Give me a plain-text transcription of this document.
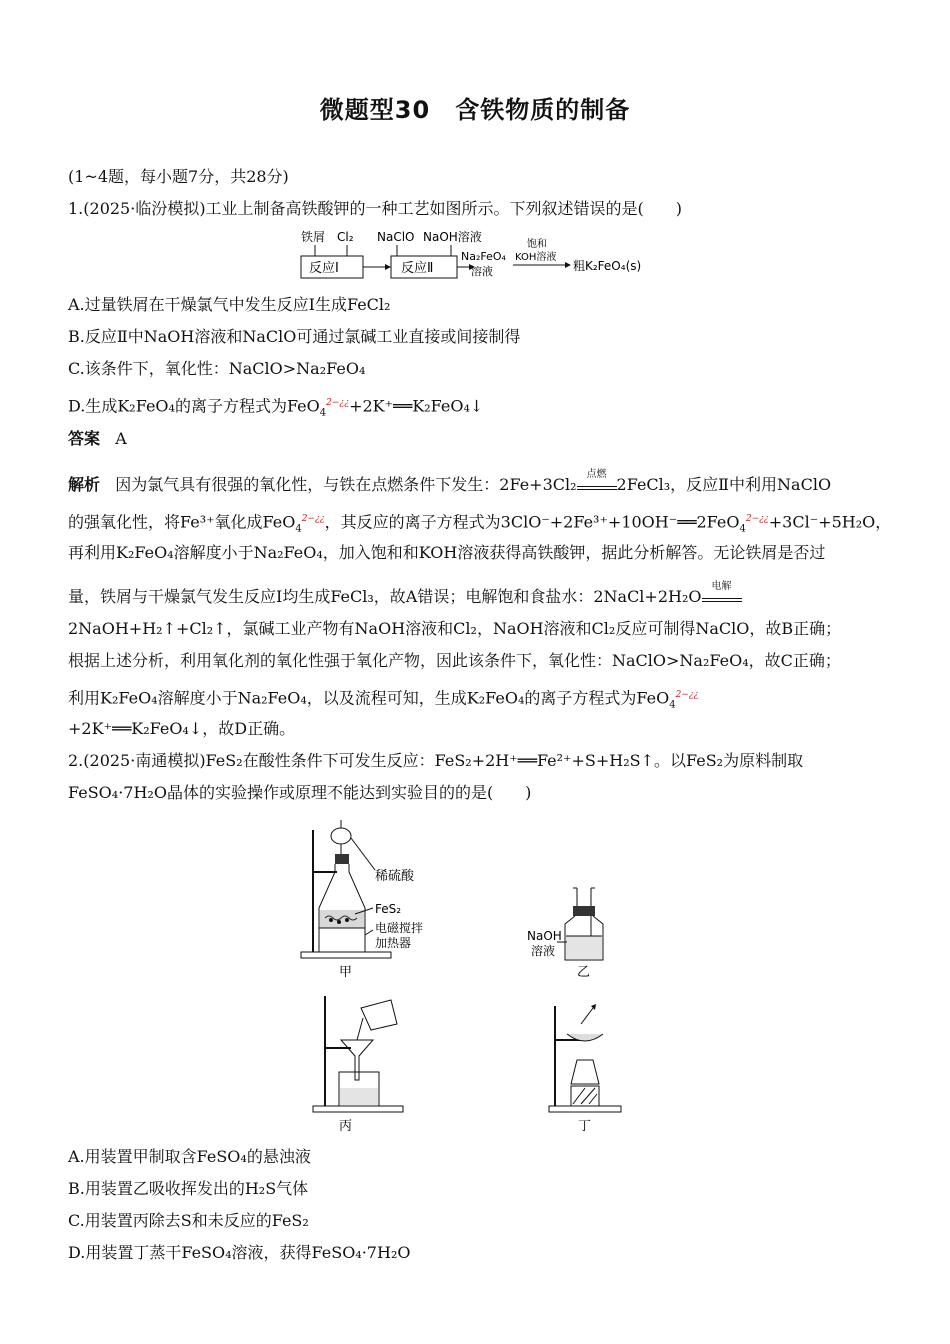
微题型30　含铁物质的制备
(1~4题，每小题7分，共28分)
1.(2025·临汾模拟)工业上制备高铁酸钾的一种工艺如图所示。下列叙述错误的是(　　)
铁屑 Cl₂
反应Ⅰ
NaClO NaOH溶液
反应Ⅱ
Na₂FeO₄
溶液
饱和
KOH溶液
粗K₂FeO₄(s)
A.过量铁屑在干燥氯气中发生反应Ⅰ生成FeCl₂
B.反应Ⅱ中NaOH溶液和NaClO可通过氯碱工业直接或间接制得
C.该条件下，氧化性：NaClO>Na₂FeO₄
D.生成K₂FeO₄的离子方程式为FeO$_4^{2-¿¿}$+2K⁺══K₂FeO₄↓
答案 A
解析 因为氯气具有很强的氧化性，与铁在点燃条件下发生：2Fe+3Cl₂
点燃
2FeCl₃，反应Ⅱ中利用NaClO
的强氧化性，将Fe³⁺氧化成FeO$_4^{2-¿¿}$，其反应的离子方程式为3ClO⁻+2Fe³⁺+10OH⁻══2FeO$_4^{2-¿¿}$+3Cl⁻+5H₂O，
再利用K₂FeO₄溶解度小于Na₂FeO₄，加入饱和和KOH溶液获得高铁酸钾，据此分析解答。无论铁屑是否过
量，铁屑与干燥氯气发生反应Ⅰ均生成FeCl₃，故A错误；电解饱和食盐水：2NaCl+2H₂O
电解
2NaOH+H₂↑+Cl₂↑，氯碱工业产物有NaOH溶液和Cl₂，NaOH溶液和Cl₂反应可制得NaClO，故B正确；
根据上述分析，利用氧化剂的氧化性强于氧化产物，因此该条件下，氧化性：NaClO>Na₂FeO₄，故C正确；
利用K₂FeO₄溶解度小于Na₂FeO₄，以及流程可知，生成K₂FeO₄的离子方程式为FeO$_4^{2-¿¿}$
+2K⁺══K₂FeO₄↓，故D正确。
2.(2025·南通模拟)FeS₂在酸性条件下可发生反应：FeS₂+2H⁺══Fe²⁺+S+H₂S↑。以FeS₂为原料制取
FeSO₄·7H₂O晶体的实验操作或原理不能达到实验目的的是(　　)
稀硫酸
FeS₂
电磁搅拌
加热器
甲
NaOH
溶液
乙
丙	丁
A.用装置甲制取含FeSO₄的悬浊液
B.用装置乙吸收挥发出的H₂S气体
C.用装置丙除去S和未反应的FeS₂
D.用装置丁蒸干FeSO₄溶液，获得FeSO₄·7H₂O
